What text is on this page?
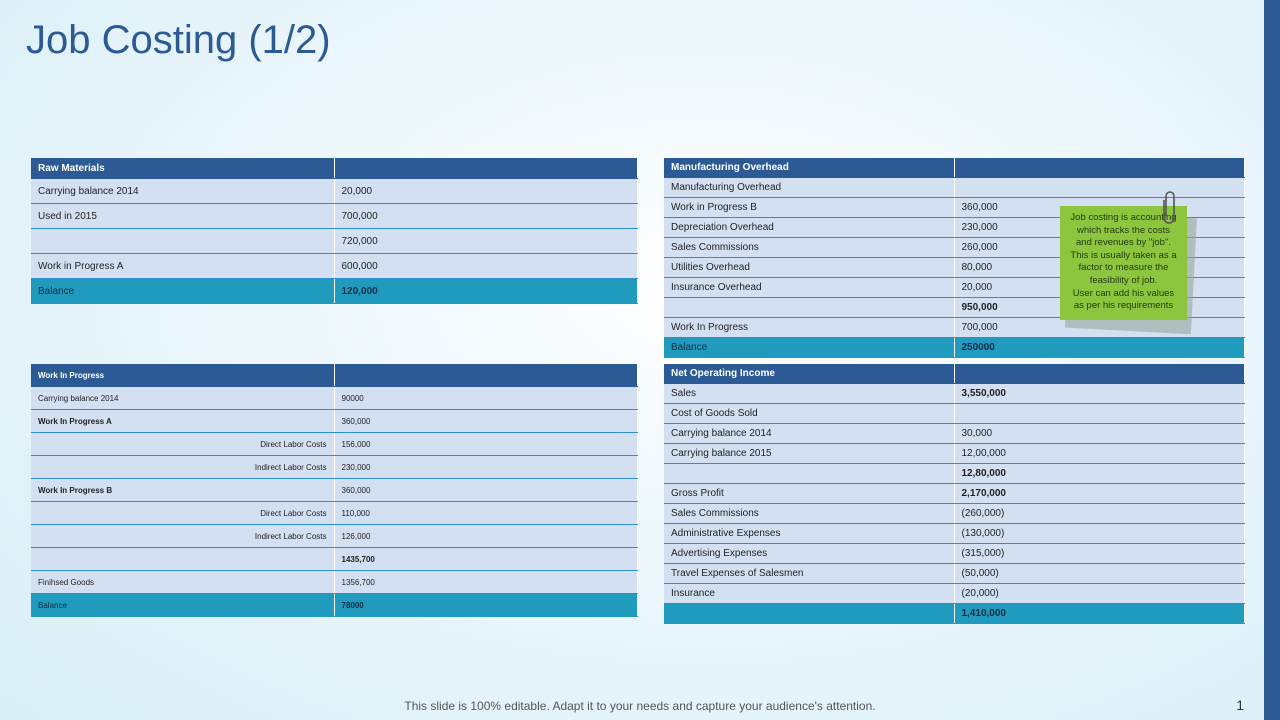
Job Costing (1/2)
Raw Materials	
Carrying balance 2014	20,000
Used in 2015	700,000
	720,000
Work in Progress A	600,000
Balance	120,000
Work In Progress	
Carrying balance 2014	90000
Work In Progress A	360,000
Direct Labor Costs	156,000
Indirect Labor Costs	230,000
Work In Progress B	360,000
Direct Labor Costs	110,000
Indirect Labor Costs	126,000
	1435,700
Finihsed Goods	1356,700
Balance	78000
Manufacturing Overhead	
Manufacturing Overhead	
Work in Progress B	360,000
Depreciation Overhead	230,000
Sales Commissions	260,000
Utilities Overhead	80,000
Insurance Overhead	20,000
	950,000
Work In Progress	700,000
Balance	250000
Net Operating Income	
Sales	3,550,000
Cost of Goods Sold	
Carrying balance 2014	30,000
Carrying balance 2015	12,00,000
	12,80,000
Gross Profit	2,170,000
Sales Commissions	(260,000)
Administrative Expenses	(130,000)
Advertising Expenses	(315,000)
Travel Expenses of Salesmen	(50,000)
Insurance	(20,000)
	1,410,000
Job costing is accounting
which tracks the costs
and revenues by "job".
This is usually taken as a
factor to measure the
feasibility of job.
User can add his values
as per his requirements
This slide is 100% editable. Adapt it to your needs and capture your audience's attention.	1
